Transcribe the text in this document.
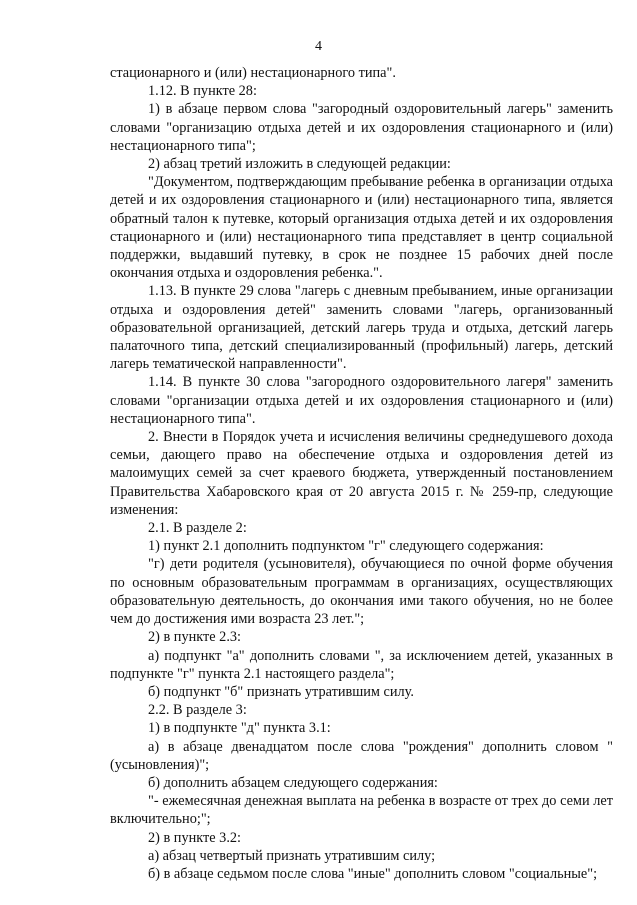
4

стационарного и (или) нестационарного типа".

1.12. В пункте 28:

1) в абзаце первом слова "загородный оздоровительный лагерь" заменить словами "организацию отдыха детей и их оздоровления стационарного и (или) нестационарного типа";

2) абзац третий изложить в следующей редакции:

"Документом, подтверждающим пребывание ребенка в организации отдыха детей и их оздоровления стационарного и (или) нестационарного типа, является обратный талон к путевке, который организация отдыха детей и их оздоровления стационарного и (или) нестационарного типа представляет в центр социальной поддержки, выдавший путевку, в срок не позднее 15 рабочих дней после окончания отдыха и оздоровления ребенка.".

1.13. В пункте 29 слова "лагерь с дневным пребыванием, иные организации отдыха и оздоровления детей" заменить словами "лагерь, организованный образовательной организацией, детский лагерь труда и отдыха, детский лагерь палаточного типа, детский специализированный (профильный) лагерь, детский лагерь тематической направленности".

1.14. В пункте 30 слова "загородного оздоровительного лагеря" заменить словами "организации отдыха детей и их оздоровления стационарного и (или) нестационарного типа".

2. Внести в Порядок учета и исчисления величины среднедушевого дохода семьи, дающего право на обеспечение отдыха и оздоровления детей из малоимущих семей за счет краевого бюджета, утвержденный постановлением Правительства Хабаровского края от 20 августа 2015 г. № 259-пр, следующие изменения:

2.1. В разделе 2:

1) пункт 2.1 дополнить подпунктом "г" следующего содержания:

"г) дети родителя (усыновителя), обучающиеся по очной форме обучения по основным образовательным программам в организациях, осуществляющих образовательную деятельность, до окончания ими такого обучения, но не более чем до достижения ими возраста 23 лет.";

2) в пункте 2.3:

а) подпункт "а" дополнить словами ", за исключением детей, указанных в подпункте "г" пункта 2.1 настоящего раздела";

б) подпункт "б" признать утратившим силу.

2.2. В разделе 3:

1) в подпункте "д" пункта 3.1:

а) в абзаце двенадцатом после слова "рождения" дополнить словом "(усыновления)";

б) дополнить абзацем следующего содержания:

"- ежемесячная денежная выплата на ребенка в возрасте от трех до семи лет включительно;";

2) в пункте 3.2:

а) абзац четвертый признать утратившим силу;

б) в абзаце седьмом после слова "иные" дополнить словом "социальные";
